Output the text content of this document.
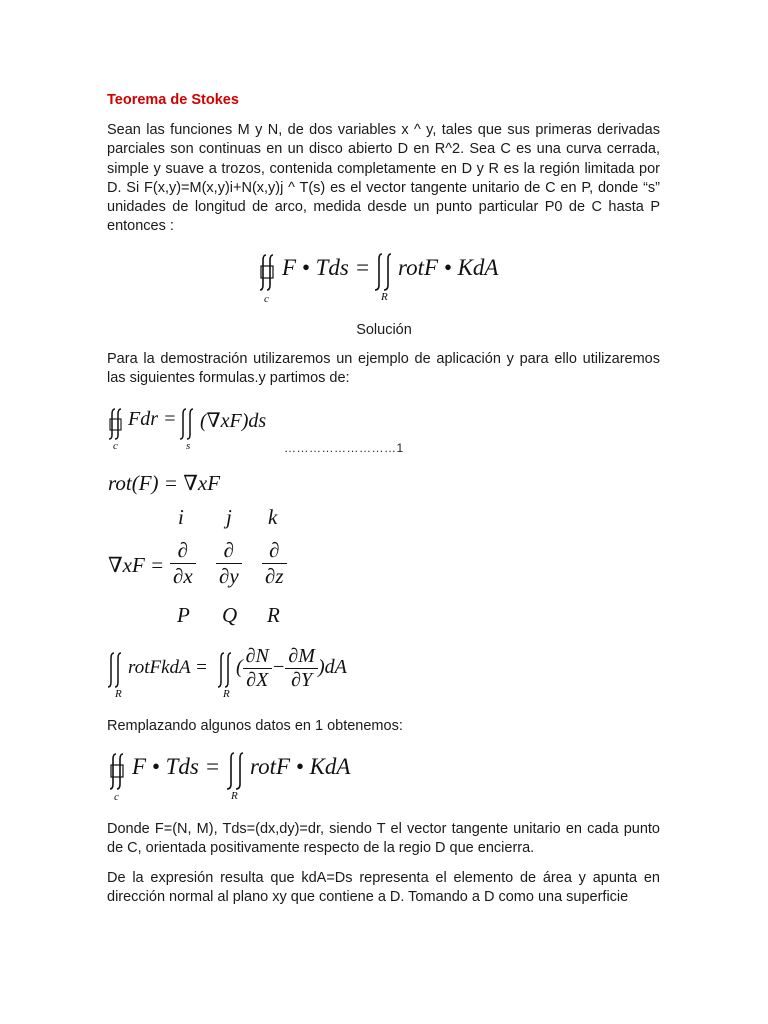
Teorema de Stokes
Sean las funciones M y N, de dos variables x ^ y, tales que sus primeras derivadas parciales son continuas en un disco abierto D en R^2. Sea C es una curva cerrada, simple y suave a trozos, contenida completamente en D y R es la región limitada por D. Si F(x,y)=M(x,y)i+N(x,y)j ^ T(s) es el vector tangente unitario de C en P, donde “s” unidades de longitud de arco, medida desde un punto particular P0 de C hasta P entonces :
F • Tds = rotF • KdA
c	R
Solución
Para la demostración utilizaremos un ejemplo de aplicación y para ello utilizaremos las siguientes formulas.y partimos de:
Fdr = (∇xF)ds
c	s	………………………1
rot(F) = ∇xF
∇xF =
i j k
$\frac{\partial}{\partial x} \frac{\partial}{\partial y} \frac{\partial}{\partial z}$
P Q R
rotFkdA = ( $\frac{\partial N}{\partial X} - \frac{\partial M}{\partial Y} )dA$
R	R
Remplazando algunos datos en 1 obtenemos:
F • Tds = rotF • KdA
c	R
Donde F=(N, M), Tds=(dx,dy)=dr, siendo T el vector tangente unitario en cada punto de C, orientada positivamente respecto de la regio D que encierra.
De la expresión resulta que kdA=Ds representa el elemento de área y apunta en dirección normal al plano xy que contiene a D. Tomando a D como una superficie
